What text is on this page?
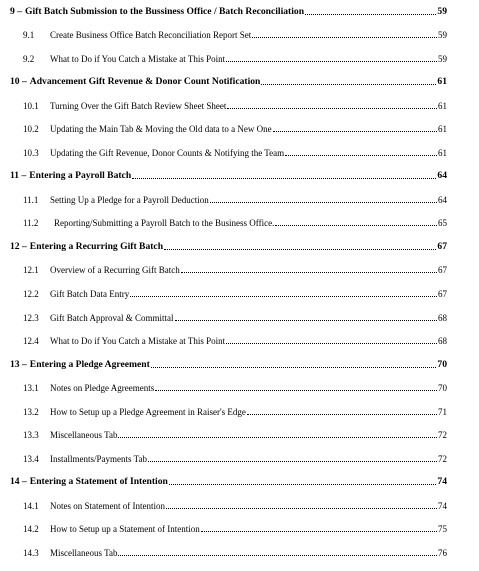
9 – Gift Batch Submission to the Bussiness Office / Batch Reconciliation	59
9.1	Create Business Office Batch Reconciliation Report Set	59
9.2	What to Do if You Catch a Mistake at This Point	59
10 – Advancement Gift Revenue & Donor Count Notification	61
10.1	Turning Over the Gift Batch Review Sheet Sheet	61
10.2	Updating the Main Tab & Moving the Old data to a New One	61
10.3	Updating the Gift Revenue, Donor Counts & Notifying the Team	61
11 – Entering a Payroll Batch	64
11.1	Setting Up a Pledge for a Payroll Deduction	64
11.2	Reporting/Submitting a Payroll Batch to the Business Office.	65
12 – Entering a Recurring Gift Batch	67
12.1	Overview of a Recurring Gift Batch	67
12.2	Gift Batch Data Entry	67
12.3	Gift Batch Approval & Committal	68
12.4	What to Do if You Catch a Mistake at This Point	68
13 – Entering a Pledge Agreement	70
13.1	Notes on Pledge Agreements	70
13.2	How to Setup up a Pledge Agreement in Raiser's Edge	71
13.3	Miscellaneous Tab	72
13.4	Installments/Payments Tab	72
14 – Entering a Statement of Intention	74
14.1	Notes on Statement of Intention	74
14.2	How to Setup up a Statement of Intention	75
14.3	Miscellaneous Tab	76
